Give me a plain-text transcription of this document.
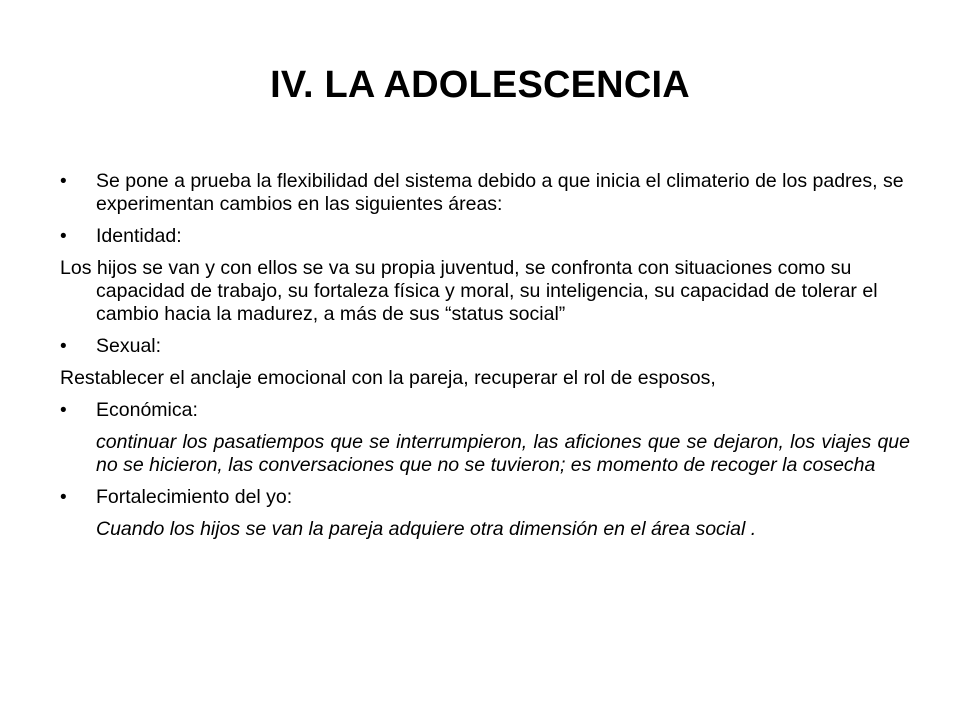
IV. LA ADOLESCENCIA
• Se pone a prueba la flexibilidad del sistema debido a que inicia el climaterio de los padres, se experimentan cambios en las siguientes áreas:
• Identidad:
Los hijos se van y con ellos se va su propia juventud, se confronta con situaciones como su capacidad de trabajo, su fortaleza física y moral, su inteligencia, su capacidad de tolerar el cambio hacia la madurez, a más de sus “status social”
• Sexual:
Restablecer el anclaje emocional con la pareja, recuperar el rol de esposos,
• Económica:
continuar los pasatiempos que se interrumpieron, las aficiones que se dejaron, los viajes que no se hicieron, las conversaciones que no se tuvieron; es momento de recoger la cosecha
• Fortalecimiento del yo:
Cuando los hijos se van la pareja adquiere otra dimensión en el área social .
